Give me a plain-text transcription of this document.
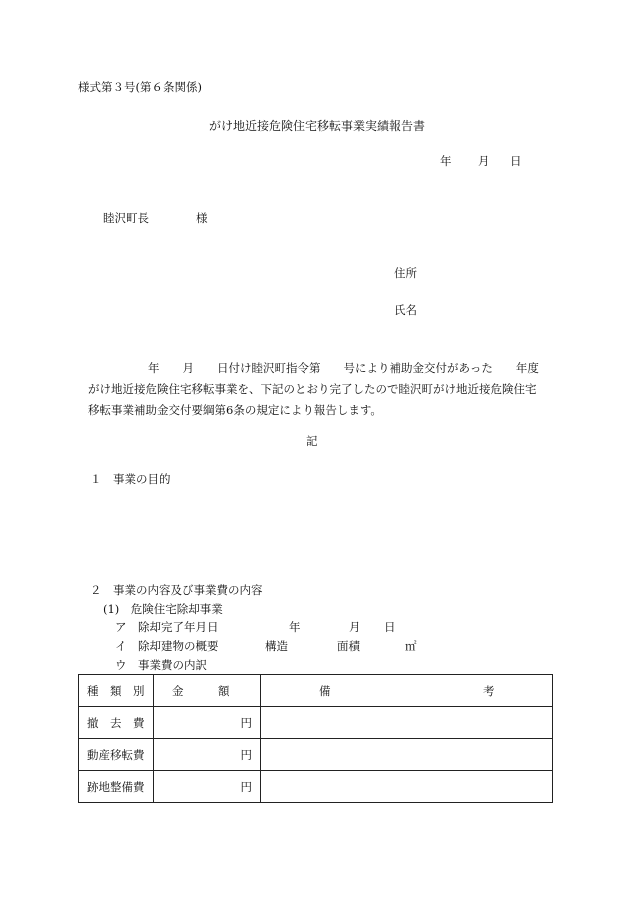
様式第３号(第６条関係)
がけ地近接危険住宅移転事業実績報告書
年 月 日
睦沢町長	様
住所
氏名
年　　月　　日付け睦沢町指令第　　号により補助金交付があった　　年度
がけ地近接危険住宅移転事業を、下記のとおり完了したので睦沢町がけ地近接危険住宅
移転事業補助金交付要綱第6条の規定により報告します。
記
１　事業の目的
２　事業の内容及び事業費の内容
(1)　危険住宅除却事業
ア　除却完了年月日	年	月 日
イ　除却建物の概要	構造	面積	㎡
ウ　事業費の内訳
種　類　別	金　　　額	備 考

撤　去　費	円	
動産移転費	円	
跡地整備費	円	
